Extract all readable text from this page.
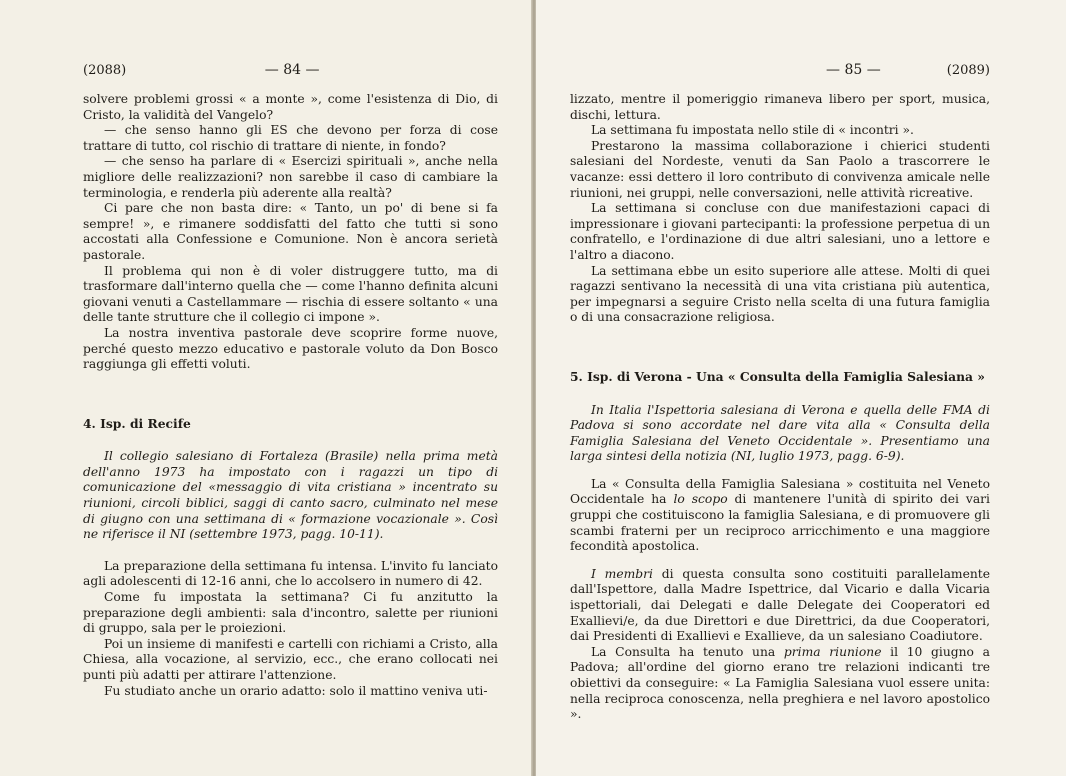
(2088)	— 84 —

solvere problemi grossi « a monte », come l'esistenza di Dio, di Cristo, la validità del Vangelo?

— che senso hanno gli ES che devono per forza di cose trattare di tutto, col rischio di trattare di niente, in fondo?

— che senso ha parlare di « Esercizi spirituali », anche nella migliore delle realizzazioni? non sarebbe il caso di cambiare la terminologia, e renderla più aderente alla realtà?

Ci pare che non basta dire: « Tanto, un po' di bene si fa sempre! », e rimanere soddisfatti del fatto che tutti si sono accostati alla Confessione e Comunione. Non è ancora serietà pastorale.

Il problema qui non è di voler distruggere tutto, ma di trasformare dall'interno quella che — come l'hanno definita alcuni giovani venuti a Castellammare — rischia di essere soltanto « una delle tante strutture che il collegio ci impone ».

La nostra inventiva pastorale deve scoprire forme nuove, perché questo mezzo educativo e pastorale voluto da Don Bosco raggiunga gli effetti voluti.

4. Isp. di Recife

Il collegio salesiano di Fortaleza (Brasile) nella prima metà dell'anno 1973 ha impostato con i ragazzi un tipo di comunicazione del «messaggio di vita cristiana » incentrato su riunioni, circoli biblici, saggi di canto sacro, culminato nel mese di giugno con una settimana di « formazione vocazionale ». Così ne riferisce il NI (settembre 1973, pagg. 10-11).

La preparazione della settimana fu intensa. L'invito fu lanciato agli adolescenti di 12-16 anni, che lo accolsero in numero di 42.

Come fu impostata la settimana? Ci fu anzitutto la preparazione degli ambienti: sala d'incontro, salette per riunioni di gruppo, sala per le proiezioni.

Poi un insieme di manifesti e cartelli con richiami a Cristo, alla Chiesa, alla vocazione, al servizio, ecc., che erano collocati nei punti più adatti per attirare l'attenzione.

Fu studiato anche un orario adatto: solo il mattino veniva uti-

— 85 —	(2089)

lizzato, mentre il pomeriggio rimaneva libero per sport, musica, dischi, lettura.

La settimana fu impostata nello stile di « incontri ».

Prestarono la massima collaborazione i chierici studenti salesiani del Nordeste, venuti da San Paolo a trascorrere le vacanze: essi dettero il loro contributo di convivenza amicale nelle riunioni, nei gruppi, nelle conversazioni, nelle attività ricreative.

La settimana si concluse con due manifestazioni capaci di impressionare i giovani partecipanti: la professione perpetua di un confratello, e l'ordinazione di due altri salesiani, uno a lettore e l'altro a diacono.

La settimana ebbe un esito superiore alle attese. Molti di quei ragazzi sentivano la necessità di una vita cristiana più autentica, per impegnarsi a seguire Cristo nella scelta di una futura famiglia o di una consacrazione religiosa.

5. Isp. di Verona - Una « Consulta della Famiglia Salesiana »

In Italia l'Ispettoria salesiana di Verona e quella delle FMA di Padova si sono accordate nel dare vita alla « Consulta della Famiglia Salesiana del Veneto Occidentale ». Presentiamo una larga sintesi della notizia (NI, luglio 1973, pagg. 6-9).

La « Consulta della Famiglia Salesiana » costituita nel Veneto Occidentale ha lo scopo di mantenere l'unità di spirito dei vari gruppi che costituiscono la famiglia Salesiana, e di promuovere gli scambi fraterni per un reciproco arricchimento e una maggiore fecondità apostolica.

I membri di questa consulta sono costituiti parallelamente dall'Ispettore, dalla Madre Ispettrice, dal Vicario e dalla Vicaria ispettoriali, dai Delegati e dalle Delegate dei Cooperatori ed Exallievi/e, da due Direttori e due Direttrici, da due Cooperatori, dai Presidenti di Exallievi e Exallieve, da un salesiano Coadiutore.

La Consulta ha tenuto una prima riunione il 10 giugno a Padova; all'ordine del giorno erano tre relazioni indicanti tre obiettivi da conseguire: « La Famiglia Salesiana vuol essere unita: nella reciproca conoscenza, nella preghiera e nel lavoro apostolico ».
